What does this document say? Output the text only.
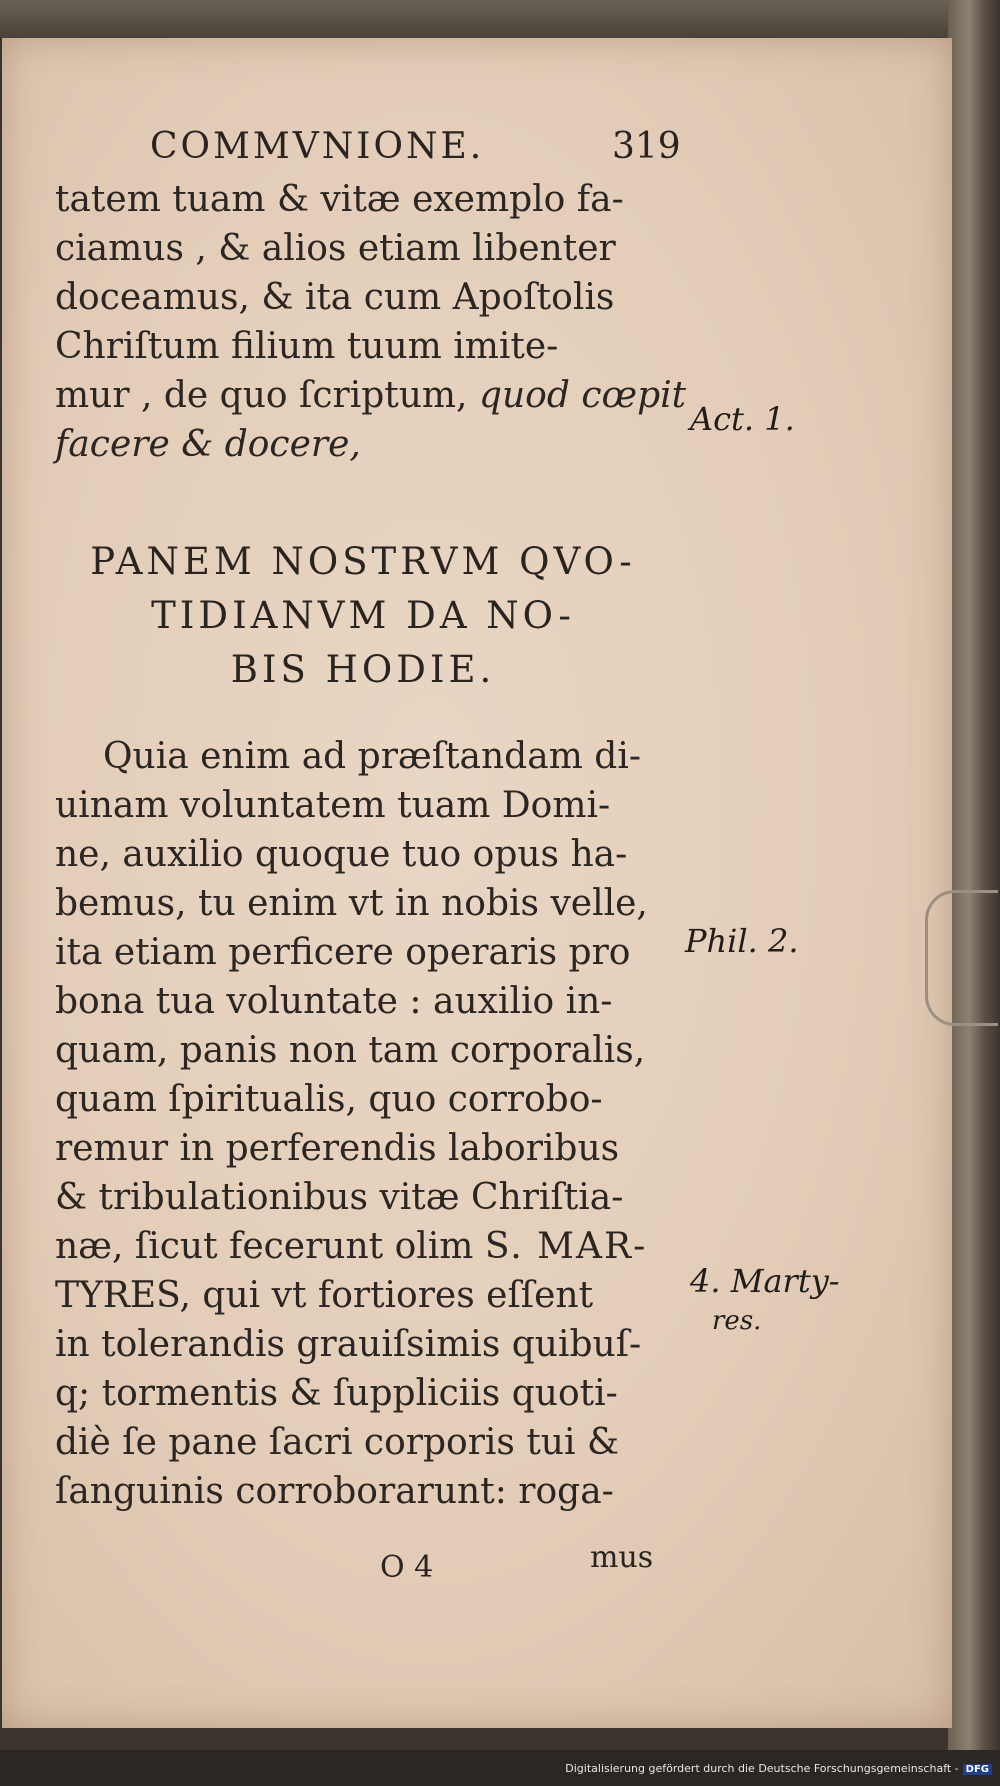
COMMVNIONE.	319
tatem tuam & vitæ exemplo fa-
ciamus , & alios etiam libenter
doceamus, & ita cum Apoſtolis
Chriſtum filium tuum imite-
mur , de quo ſcriptum, quod cœpit
facere & docere,
Act. 1.
PANEM NOSTRVM QVO-
TIDIANVM DA NO-
BIS HODIE.
Quia enim ad præſtandam di-
uinam voluntatem tuam Domi-
ne, auxilio quoque tuo opus ha-
bemus, tu enim vt in nobis velle,
ita etiam perficere operaris pro
bona tua voluntate : auxilio in-
quam, panis non tam corporalis,
quam ſpiritualis, quo corrobo-
remur in perferendis laboribus
& tribulationibus vitæ Chriſtia-
næ, ſicut fecerunt olim S. MAR-
TYRES, qui vt fortiores eſſent
in tolerandis grauiſsimis quibuſ-
q; tormentis & ſuppliciis quoti-
diè ſe pane ſacri corporis tui &
ſanguinis corroborarunt: roga-
Phil. 2.
4. Marty-
res.
O 4	mus
Digitalisierung gefördert durch die Deutsche Forschungsgemeinschaft - DFG
